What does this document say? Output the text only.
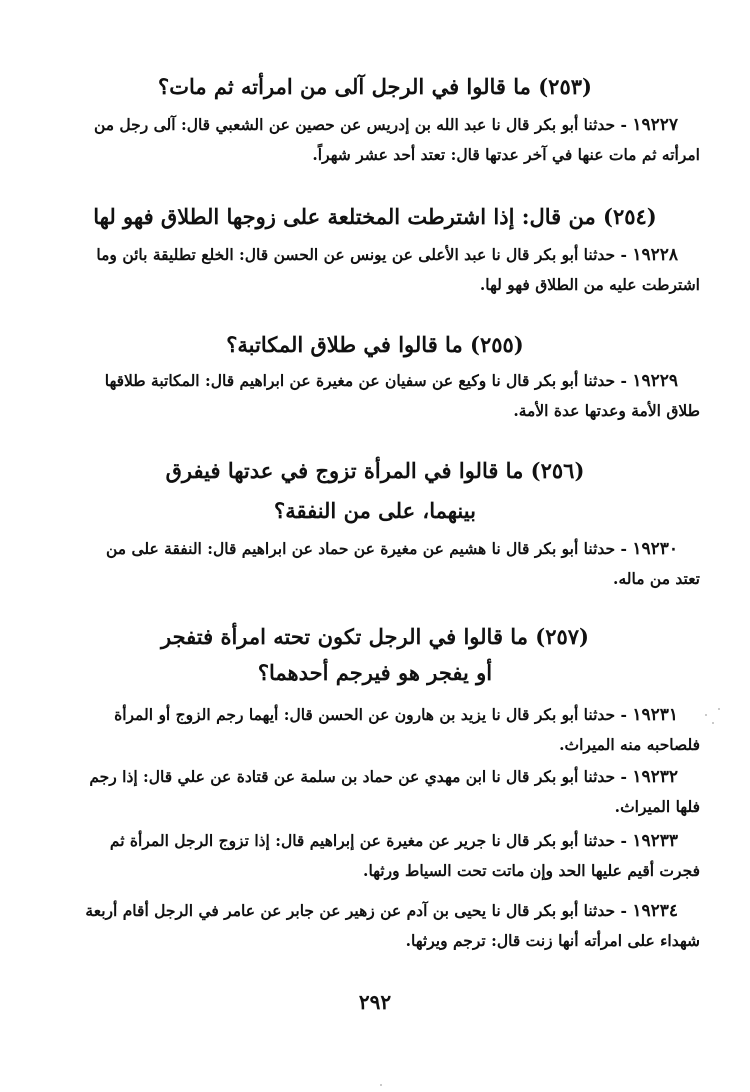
(٢٥٣) ما قالوا في الرجل آلى من امرأته ثم مات؟
١٩٢٢٧ - حدثنا أبو بكر قال نا عبد الله بن إدريس عن حصين عن الشعبي قال: آلى رجل من
امرأته ثم مات عنها في آخر عدتها قال: تعتد أحد عشر شهراً.
(٢٥٤) من قال: إذا اشترطت المختلعة على زوجها الطلاق فهو لها
١٩٢٢٨ - حدثنا أبو بكر قال نا عبد الأعلى عن يونس عن الحسن قال: الخلع تطليقة بائن وما
اشترطت عليه من الطلاق فهو لها.
(٢٥٥) ما قالوا في طلاق المكاتبة؟
١٩٢٢٩ - حدثنا أبو بكر قال نا وكيع عن سفيان عن مغيرة عن ابراهيم قال: المكاتبة طلاقها
طلاق الأمة وعدتها عدة الأمة.
(٢٥٦) ما قالوا في المرأة تزوج في عدتها فيفرق
بينهما، على من النفقة؟
١٩٢٣٠ - حدثنا أبو بكر قال نا هشيم عن مغيرة عن حماد عن ابراهيم قال: النفقة على من
تعتد من ماله.
(٢٥٧) ما قالوا في الرجل تكون تحته امرأة فتفجر
أو يفجر هو فيرجم أحدهما؟
١٩٢٣١ - حدثنا أبو بكر قال نا يزيد بن هارون عن الحسن قال: أيهما رجم الزوج أو المرأة
فلصاحبه منه الميراث.
١٩٢٣٢ - حدثنا أبو بكر قال نا ابن مهدي عن حماد بن سلمة عن قتادة عن علي قال: إذا رجم
فلها الميراث.
١٩٢٣٣ - حدثنا أبو بكر قال نا جرير عن مغيرة عن إبراهيم قال: إذا تزوج الرجل المرأة ثم
فجرت أقيم عليها الحد وإن ماتت تحت السياط ورثها.
١٩٢٣٤ - حدثنا أبو بكر قال نا يحيى بن آدم عن زهير عن جابر عن عامر في الرجل أقام أربعة
شهداء على امرأته أنها زنت قال: ترجم ويرثها.
٢٩٢
